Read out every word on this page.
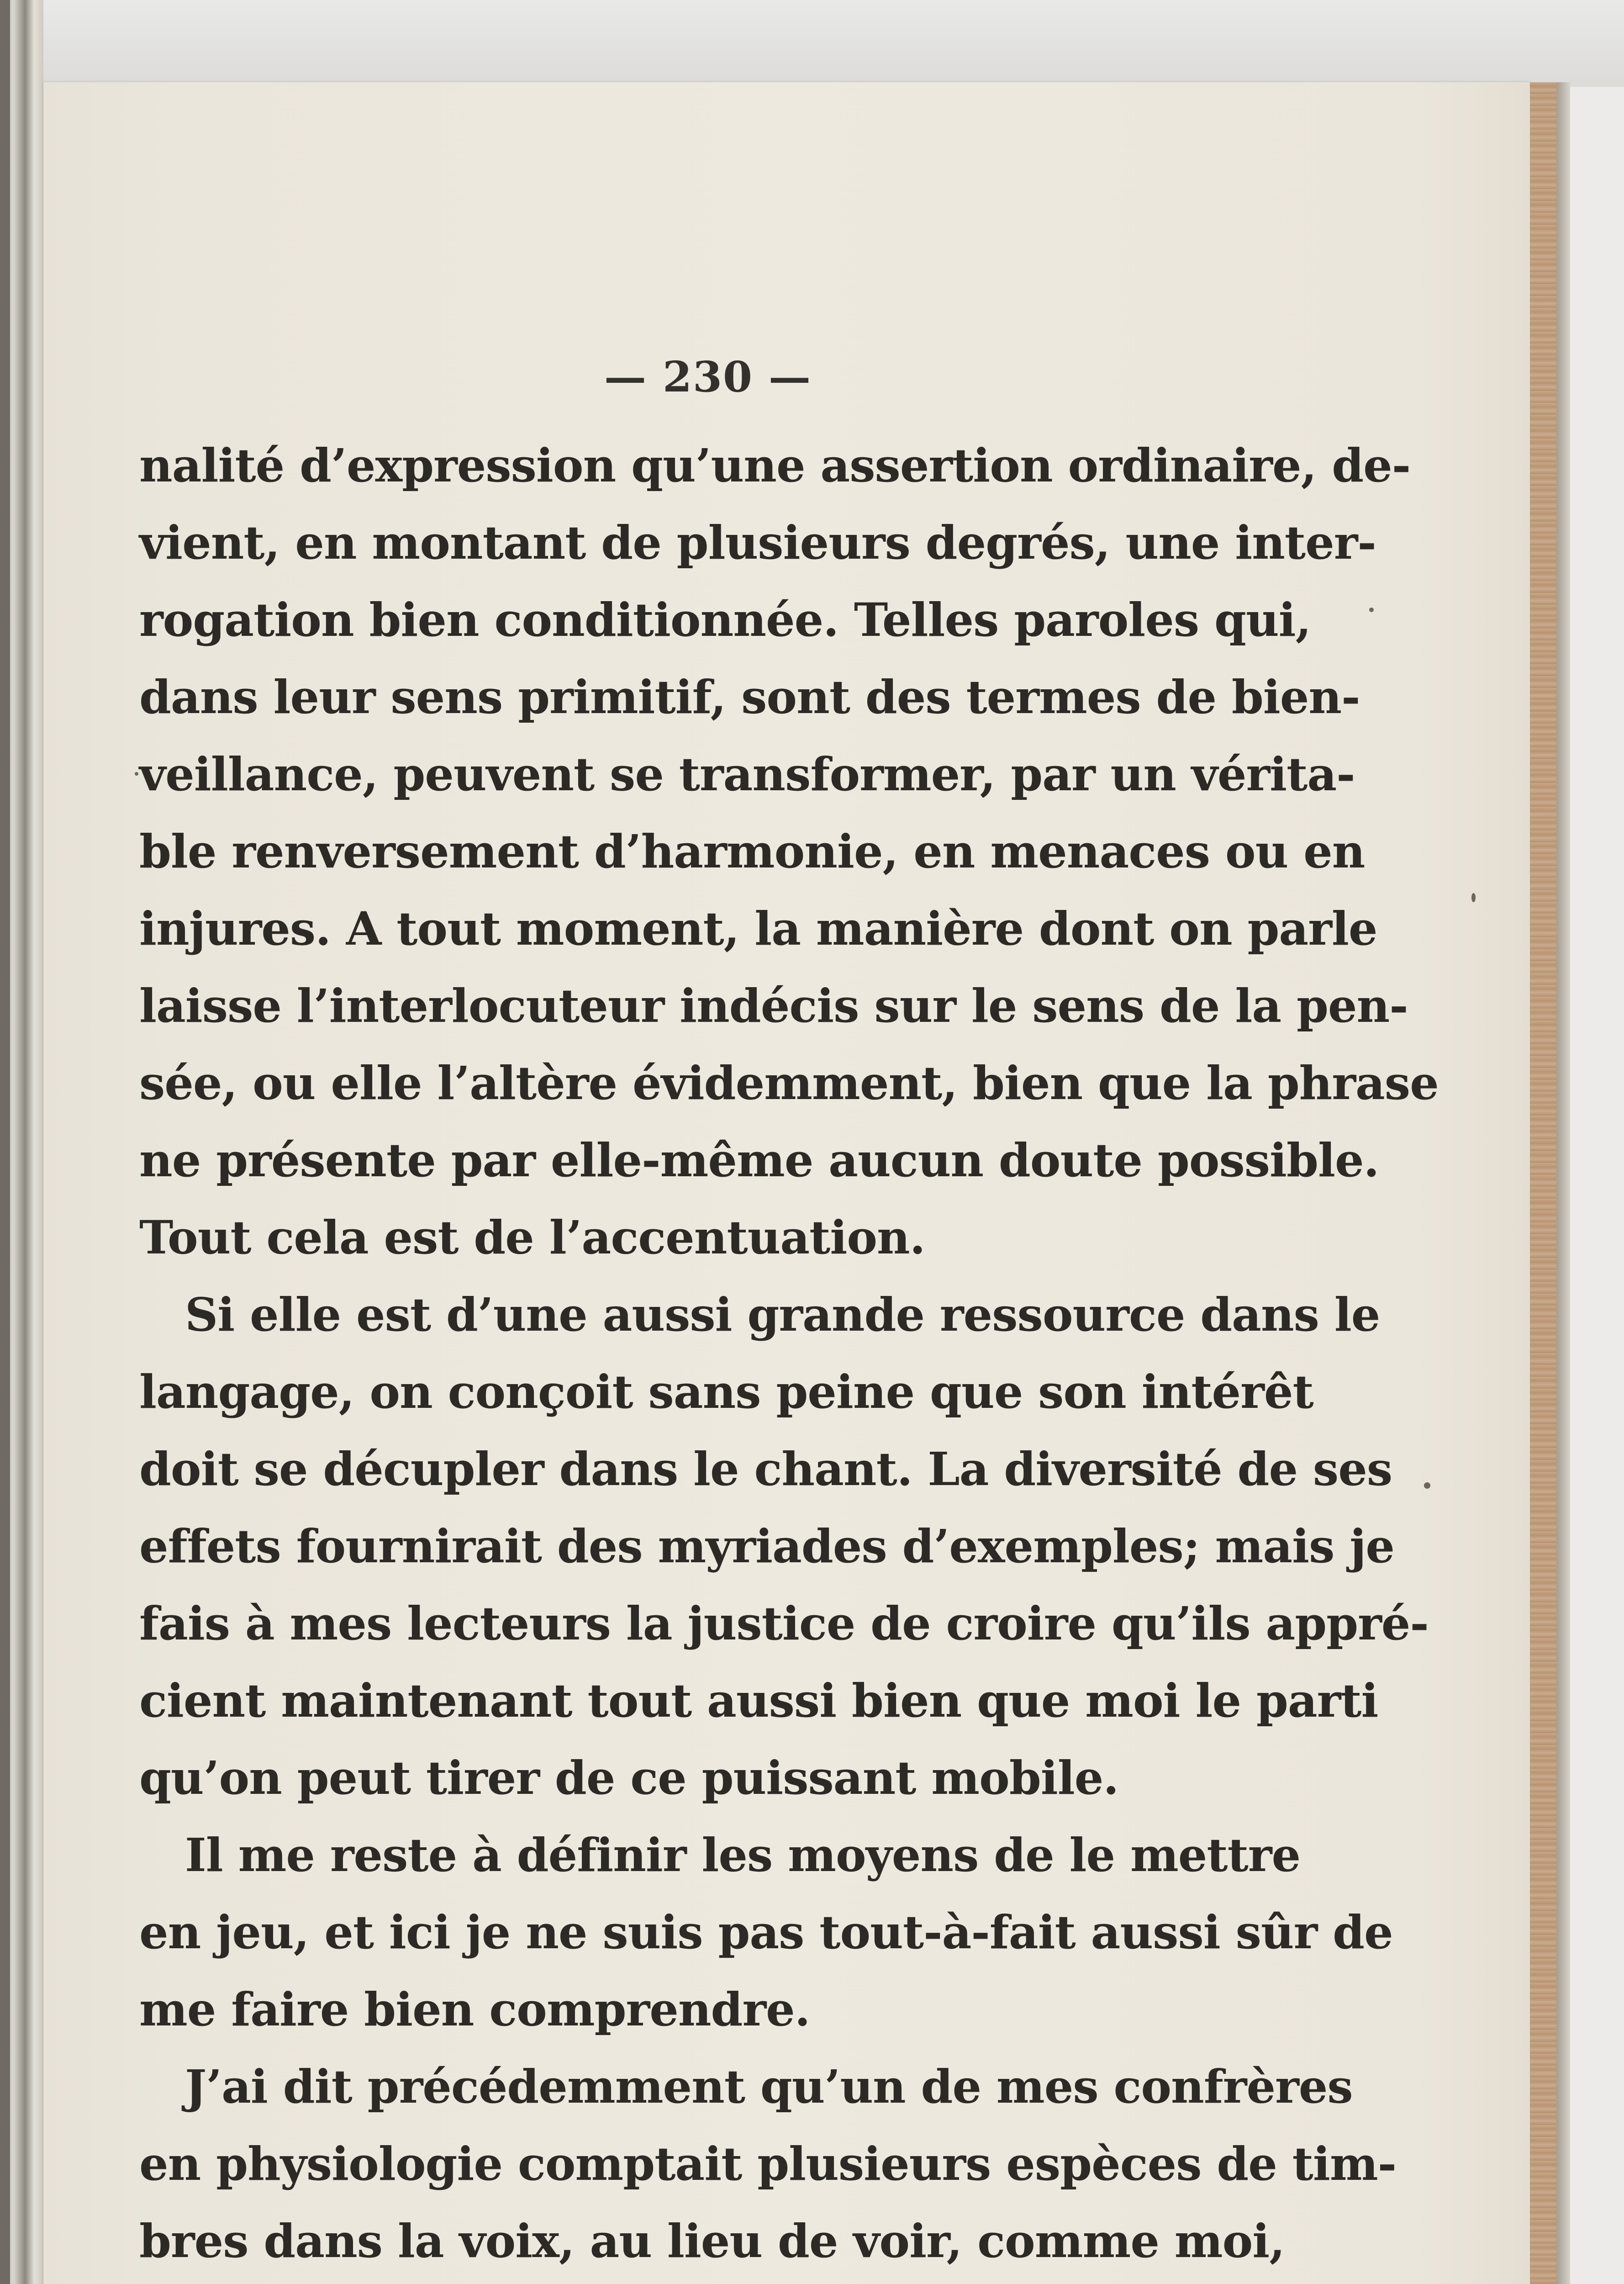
— 230 —
nalité d’expression qu’une assertion ordinaire, de-
vient, en montant de plusieurs degrés, une inter-
rogation bien conditionnée. Telles paroles qui,
dans leur sens primitif, sont des termes de bien-
veillance, peuvent se transformer, par un vérita-
ble renversement d’harmonie, en menaces ou en
injures. A tout moment, la manière dont on parle
laisse l’interlocuteur indécis sur le sens de la pen-
sée, ou elle l’altère évidemment, bien que la phrase
ne présente par elle-même aucun doute possible.
Tout cela est de l’accentuation.
Si elle est d’une aussi grande ressource dans le
langage, on conçoit sans peine que son intérêt
doit se décupler dans le chant. La diversité de ses
effets fournirait des myriades d’exemples; mais je
fais à mes lecteurs la justice de croire qu’ils appré-
cient maintenant tout aussi bien que moi le parti
qu’on peut tirer de ce puissant mobile.
Il me reste à définir les moyens de le mettre
en jeu, et ici je ne suis pas tout-à-fait aussi sûr de
me faire bien comprendre.
J’ai dit précédemment qu’un de mes confrères
en physiologie comptait plusieurs espèces de tim-
bres dans la voix, au lieu de voir, comme moi,
